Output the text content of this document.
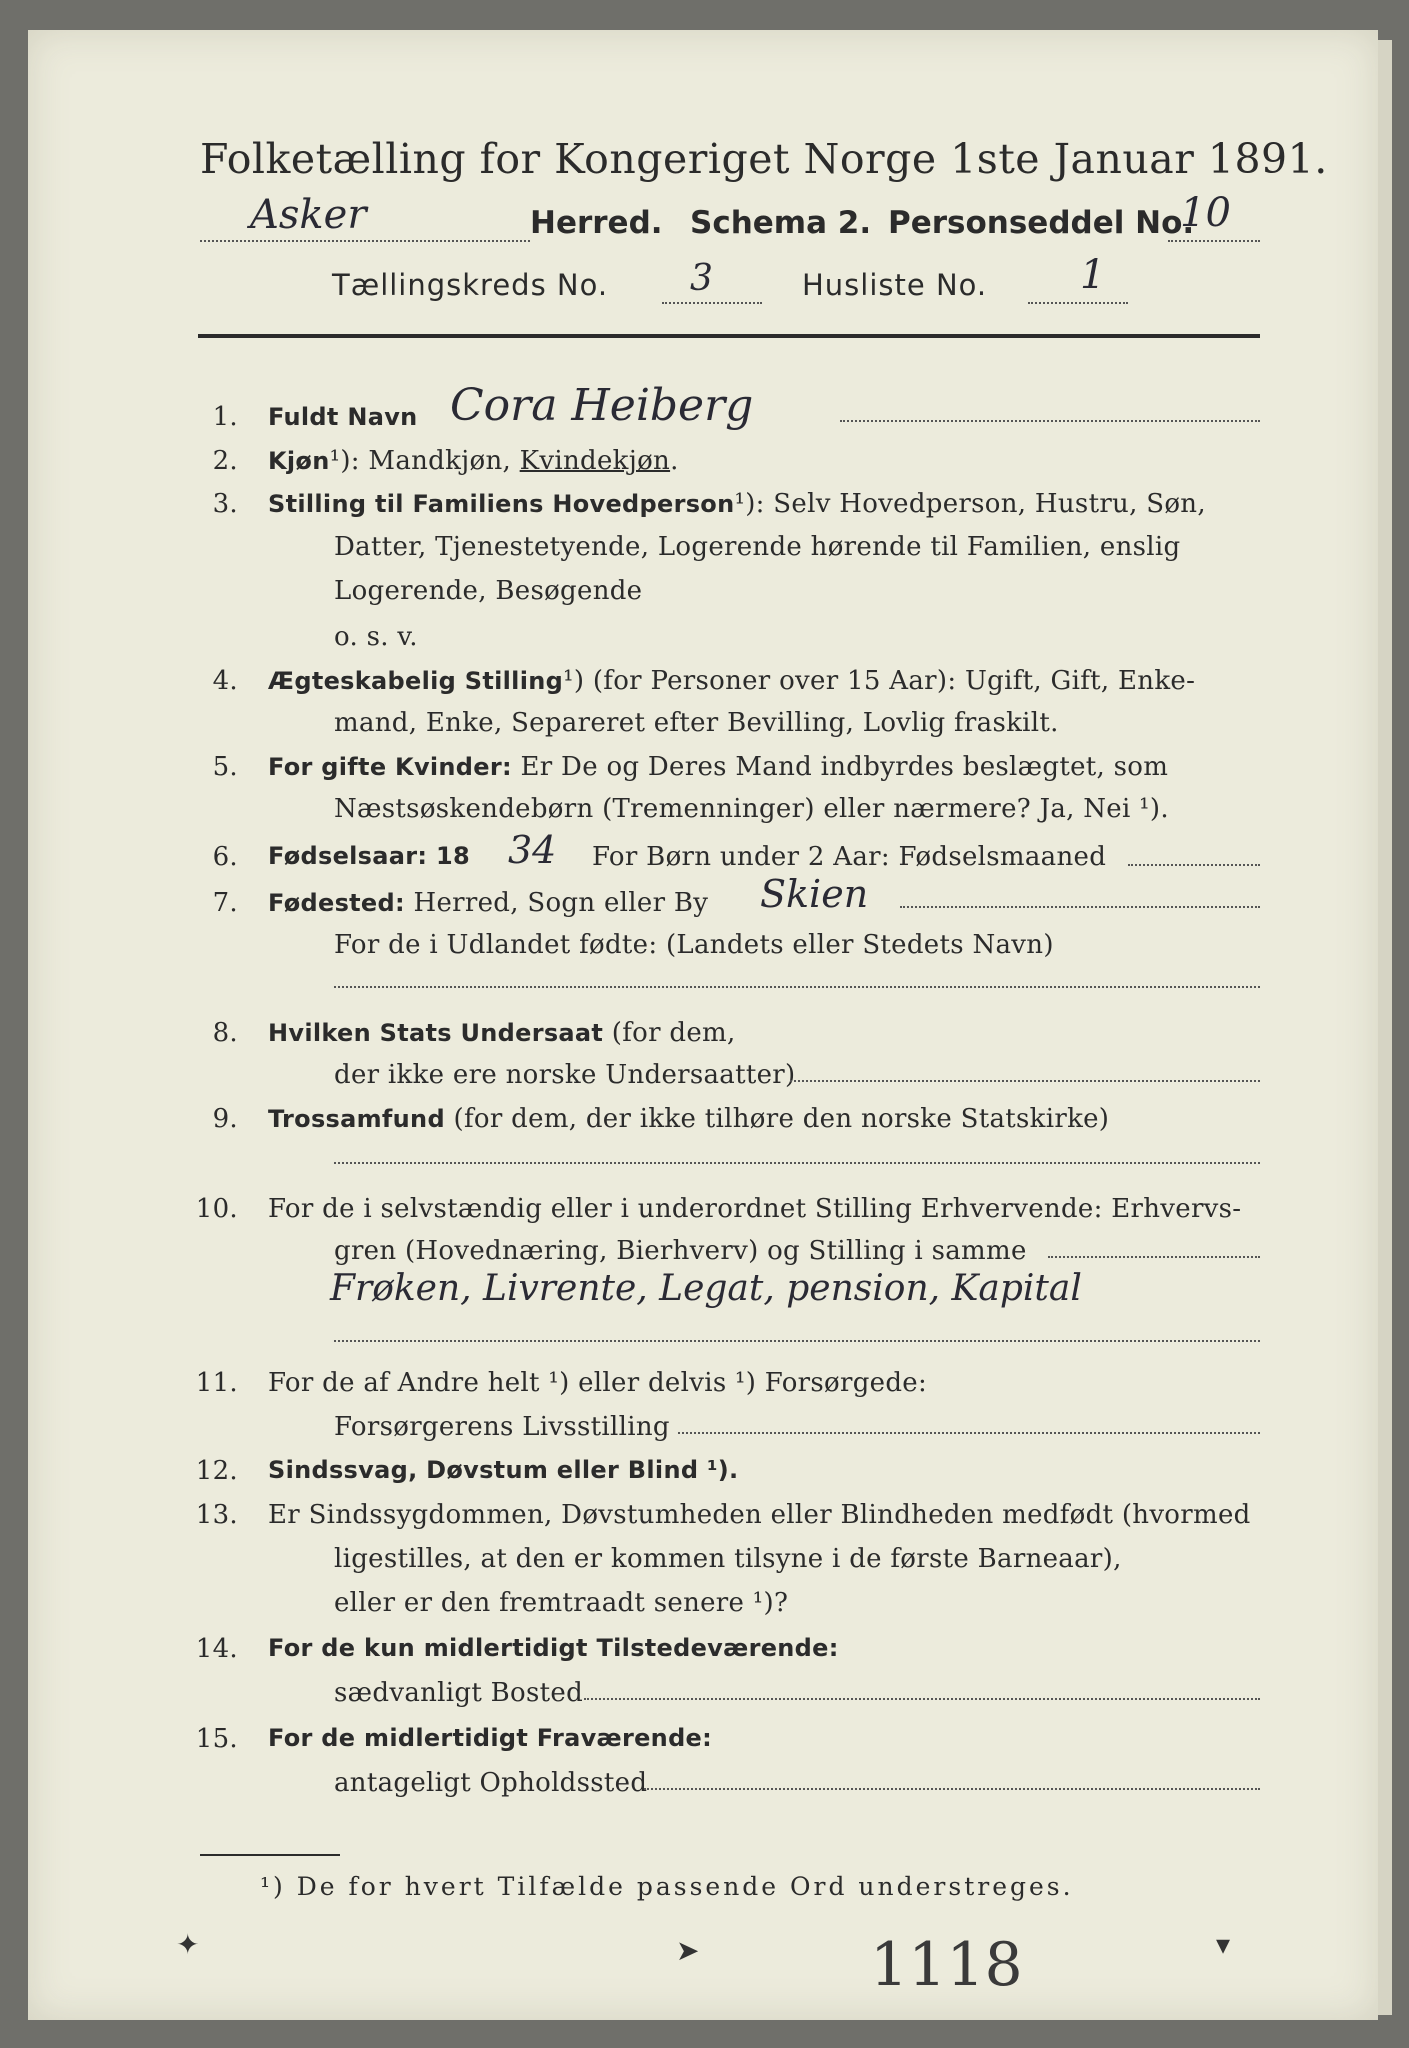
Folketælling for Kongeriget Norge 1ste Januar 1891.
Asker	Herred. Schema 2. Personseddel No.
10
Tællingskreds No. 3	Husliste No. 1
1. Fuldt Navn Cora Heiberg
2. Kjøn¹): Mandkjøn, Kvindekjøn.
3. Stilling til Familiens Hovedperson¹): Selv Hovedperson, Hustru, Søn,
Datter, Tjenestetyende, Logerende hørende til Familien, enslig
Logerende, Besøgende
o. s. v.
4. Ægteskabelig Stilling¹) (for Personer over 15 Aar): Ugift, Gift, Enke-
mand, Enke, Separeret efter Bevilling, Lovlig fraskilt.
5. For gifte Kvinder: Er De og Deres Mand indbyrdes beslægtet, som
Næstsøskendebørn (Tremenninger) eller nærmere? Ja, Nei ¹).
6. Fødselsaar: 18 34 For Børn under 2 Aar: Fødselsmaaned
7. Fødested: Herred, Sogn eller By Skien
For de i Udlandet fødte: (Landets eller Stedets Navn)
8. Hvilken Stats Undersaat (for dem,
der ikke ere norske Undersaatter)
9. Trossamfund (for dem, der ikke tilhøre den norske Statskirke)
10. For de i selvstændig eller i underordnet Stilling Erhvervende: Erhvervs-
gren (Hovednæring, Bierhverv) og Stilling i samme
Frøken, Livrente, Legat, pension, Kapital
11. For de af Andre helt ¹) eller delvis ¹) Forsørgede:
Forsørgerens Livsstilling
12. Sindssvag, Døvstum eller Blind ¹).
13. Er Sindssygdommen, Døvstumheden eller Blindheden medfødt (hvormed
ligestilles, at den er kommen tilsyne i de første Barneaar),
eller er den fremtraadt senere ¹)?
14. For de kun midlertidigt Tilstedeværende:
sædvanligt Bosted
15. For de midlertidigt Fraværende:
antageligt Opholdssted
¹) De for hvert Tilfælde passende Ord understreges.
✦	➤	▾
1118
